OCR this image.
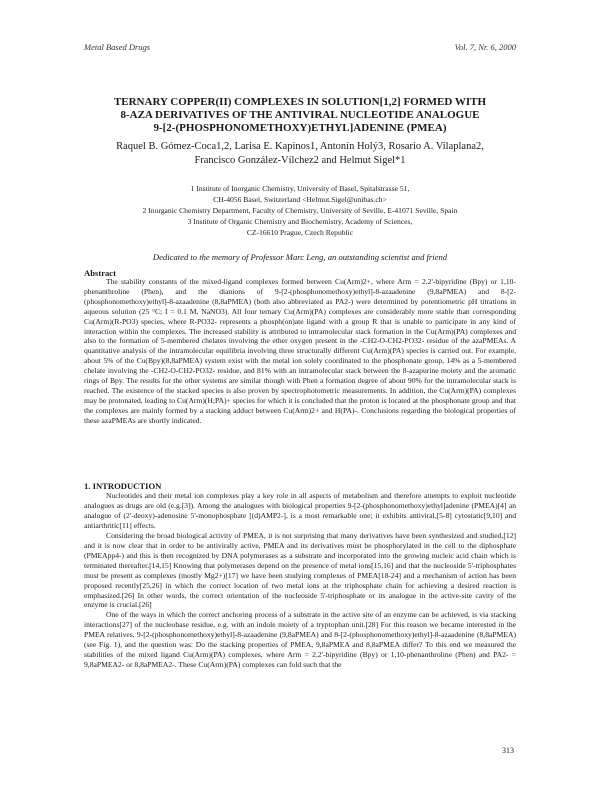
Metal Based Drugs	Vol. 7, Nr. 6, 2000
TERNARY COPPER(II) COMPLEXES IN SOLUTION[1,2] FORMED WITH
8-AZA DERIVATIVES OF THE ANTIVIRAL NUCLEOTIDE ANALOGUE
9-[2-(PHOSPHONOMETHOXY)ETHYL]ADENINE (PMEA)
Raquel B. Gómez-Coca1,2, Larisa E. Kapinos1, Antonín Holý3, Rosario A. Vilaplana2,
Francisco González-Vílchez2 and Helmut Sigel*1
1 Institute of Inorganic Chemistry, University of Basel, Spitalstrasse 51,
CH-4056 Basel, Switzerland <Helmut.Sigel@unibas.ch>
2 Inorganic Chemistry Department, Faculty of Chemistry, University of Seville, E-41071 Seville, Spain
3 Institute of Organic Chemistry and Biochemistry, Academy of Sciences,
CZ-16610 Prague, Czech Republic
Dedicated to the memory of Professor Marc Leng, an outstanding scientist and friend
Abstract
The stability constants of the mixed-ligand complexes formed between Cu(Arm)2+, where Arm = 2,2'-bipyridine (Bpy) or 1,10-phenanthroline (Phen), and the dianions of 9-[2-(phosphonomethoxy)ethyl]-8-azaadenine (9,8aPMEA) and 8-[2-(phosphonomethoxy)ethyl]-8-azaadenine (8,8aPMEA) (both also abbreviated as PA2-) were determined by potentiometric pH titrations in aqueous solution (25 °C; I = 0.1 M, NaNO3). All four ternary Cu(Arm)(PA) complexes are considerably more stable than corresponding Cu(Arm)(R-PO3) species, where R-PO32- represents a phosph(on)ate ligand with a group R that is unable to participate in any kind of interaction within the complexes. The increased stability is attributed to intramolecular stack formation in the Cu(Arm)(PA) complexes and also to the formation of 5-membered chelates involving the ether oxygen present in the -CH2-O-CH2-PO32- residue of the azaPMEAs. A quantitative analysis of the intramolecular equilibria involving three structurally different Cu(Arm)(PA) species is carried out. For example, about 5% of the Cu(Bpy)(8,8aPMEA) system exist with the metal ion solely coordinated to the phosphonate group, 14% as a 5-membered chelate involving the -CH2-O-CH2-PO32- residue, and 81% with an intramolecular stack between the 8-azapurine moiety and the aromatic rings of Bpy. The results for the other systems are similar though with Phen a formation degree of about 90% for the intramolecular stack is reached. The existence of the stacked species is also proven by spectrophotometric measurements. In addition, the Cu(Arm)(PA) complexes may be protonated, leading to Cu(Arm)(H;PA)+ species for which it is concluded that the proton is located at the phosphonate group and that the complexes are mainly formed by a stacking adduct between Cu(Arm)2+ and H(PA)-. Conclusions regarding the biological properties of these azaPMEAs are shortly indicated.
1. INTRODUCTION

Nucleotides and their metal ion complexes play a key role in all aspects of metabolism and therefore attempts to exploit nucleotide analogues as drugs are old (e.g.[3]). Among the analogues with biological properties 9-[2-(phosphonomethoxy)ethyl]adenine (PMEA)[4] an analogue of (2'-deoxy)-adenosine 5'-monophosphate [(d)AMP2-], is a most remarkable one; it exhibits antiviral,[5-8] cytostatic[9,10] and antiarthritic[11] effects.

Considering the broad biological activity of PMEA, it is not surprising that many derivatives have been synthesized and studied,[12] and it is now clear that in order to be antivirally active, PMEA and its derivatives must be phosphorylated in the cell to the diphosphate (PMEApp4-) and this is then recognized by DNA polymerases as a substrate and incorporated into the growing nucleic acid chain which is terminated thereafter.[14,15] Knowing that polymerases depend on the presence of metal ions[15,16] and that the nucleoside 5'-triphosphates must be present as complexes (mostly Mg2+)[17] we have been studying complexes of PMEA[18-24] and a mechanism of action has been proposed recently[25,26] in which the correct location of two metal ions at the triphosphate chain for achieving a desired reaction is emphasized.[26] In other words, the correct orientation of the nucleoside 5'-triphosphate or its analogue in the active-site cavity of the enzyme is crucial.[26]

One of the ways in which the correct anchoring process of a substrate in the active site of an enzyme can be achieved, is via stacking interactions[27] of the nucleobase residue, e.g. with an indole moiety of a tryptophan unit.[28] For this reason we became interested in the PMEA relatives, 9-[2-(phosphonomethoxy)ethyl]-8-azaadenine (9,8aPMEA) and 8-[2-(phosphonomethoxy)ethyl]-8-azaadenine (8,8aPMEA) (see Fig. 1), and the question was: Do the stacking properties of PMEA, 9,8aPMEA and 8,8aPMEA differ? To this end we measured the stabilities of the mixed ligand Cu(Arm)(PA) complexes, where Arm = 2,2'-bipyridine (Bpy) or 1,10-phenanthroline (Phen) and PA2- = 9,8aPMEA2- or 8,8aPMEA2-. These Cu(Arm)(PA) complexes can fold such that the

313
